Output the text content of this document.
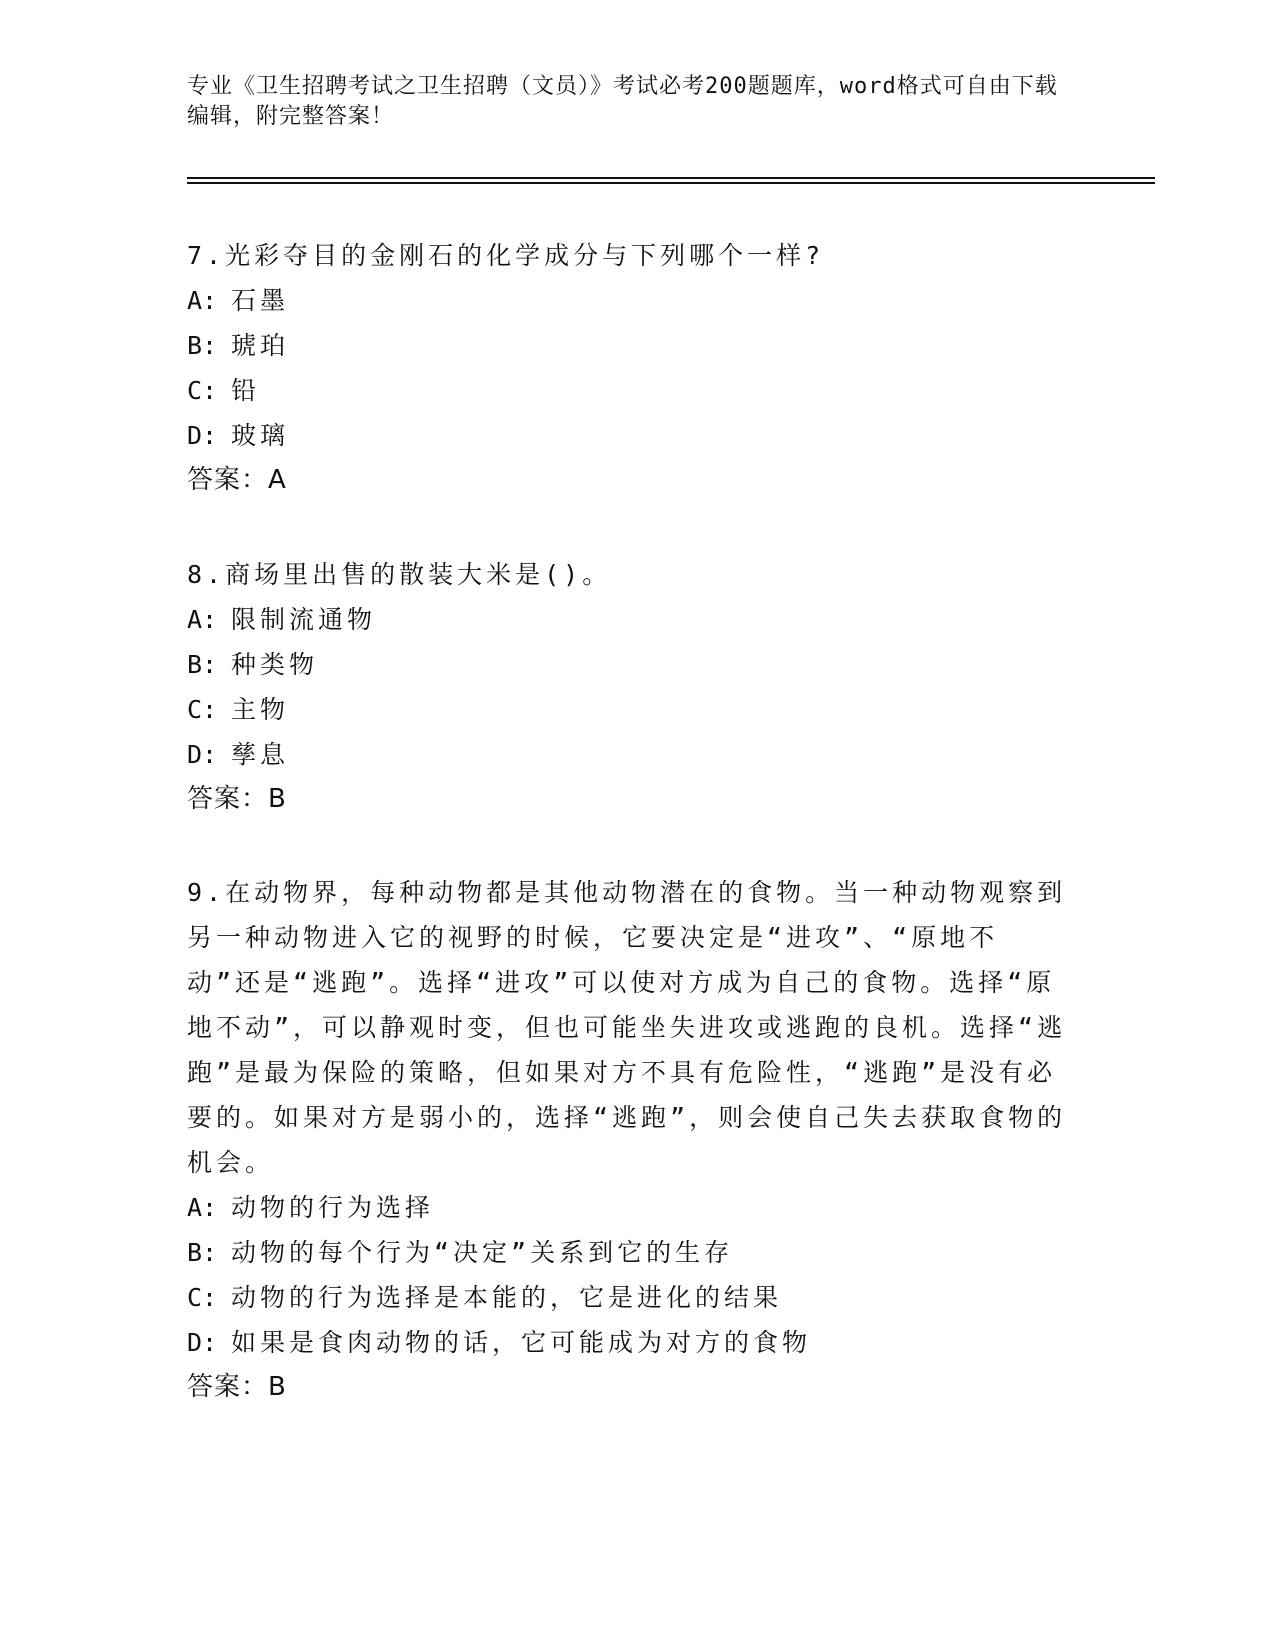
专业《卫生招聘考试之卫生招聘（文员）》考试必考200题题库，word格式可自由下载编辑，附完整答案！

7.光彩夺目的金刚石的化学成分与下列哪个一样?

A: 石墨

B: 琥珀

C: 铅

D: 玻璃

答案：A

8.商场里出售的散装大米是()。

A: 限制流通物

B: 种类物

C: 主物

D: 孳息

答案：B

9.在动物界，每种动物都是其他动物潜在的食物。当一种动物观察到另一种动物进入它的视野的时候，它要决定是“进攻”、“原地不动”还是“逃跑”。选择“进攻”可以使对方成为自己的食物。选择“原地不动”，可以静观时变，但也可能坐失进攻或逃跑的良机。选择“逃跑”是最为保险的策略，但如果对方不具有危险性，“逃跑”是没有必要的。如果对方是弱小的，选择“逃跑”，则会使自己失去获取食物的机会。

A: 动物的行为选择

B: 动物的每个行为“决定”关系到它的生存

C: 动物的行为选择是本能的，它是进化的结果

D: 如果是食肉动物的话，它可能成为对方的食物

答案：B
